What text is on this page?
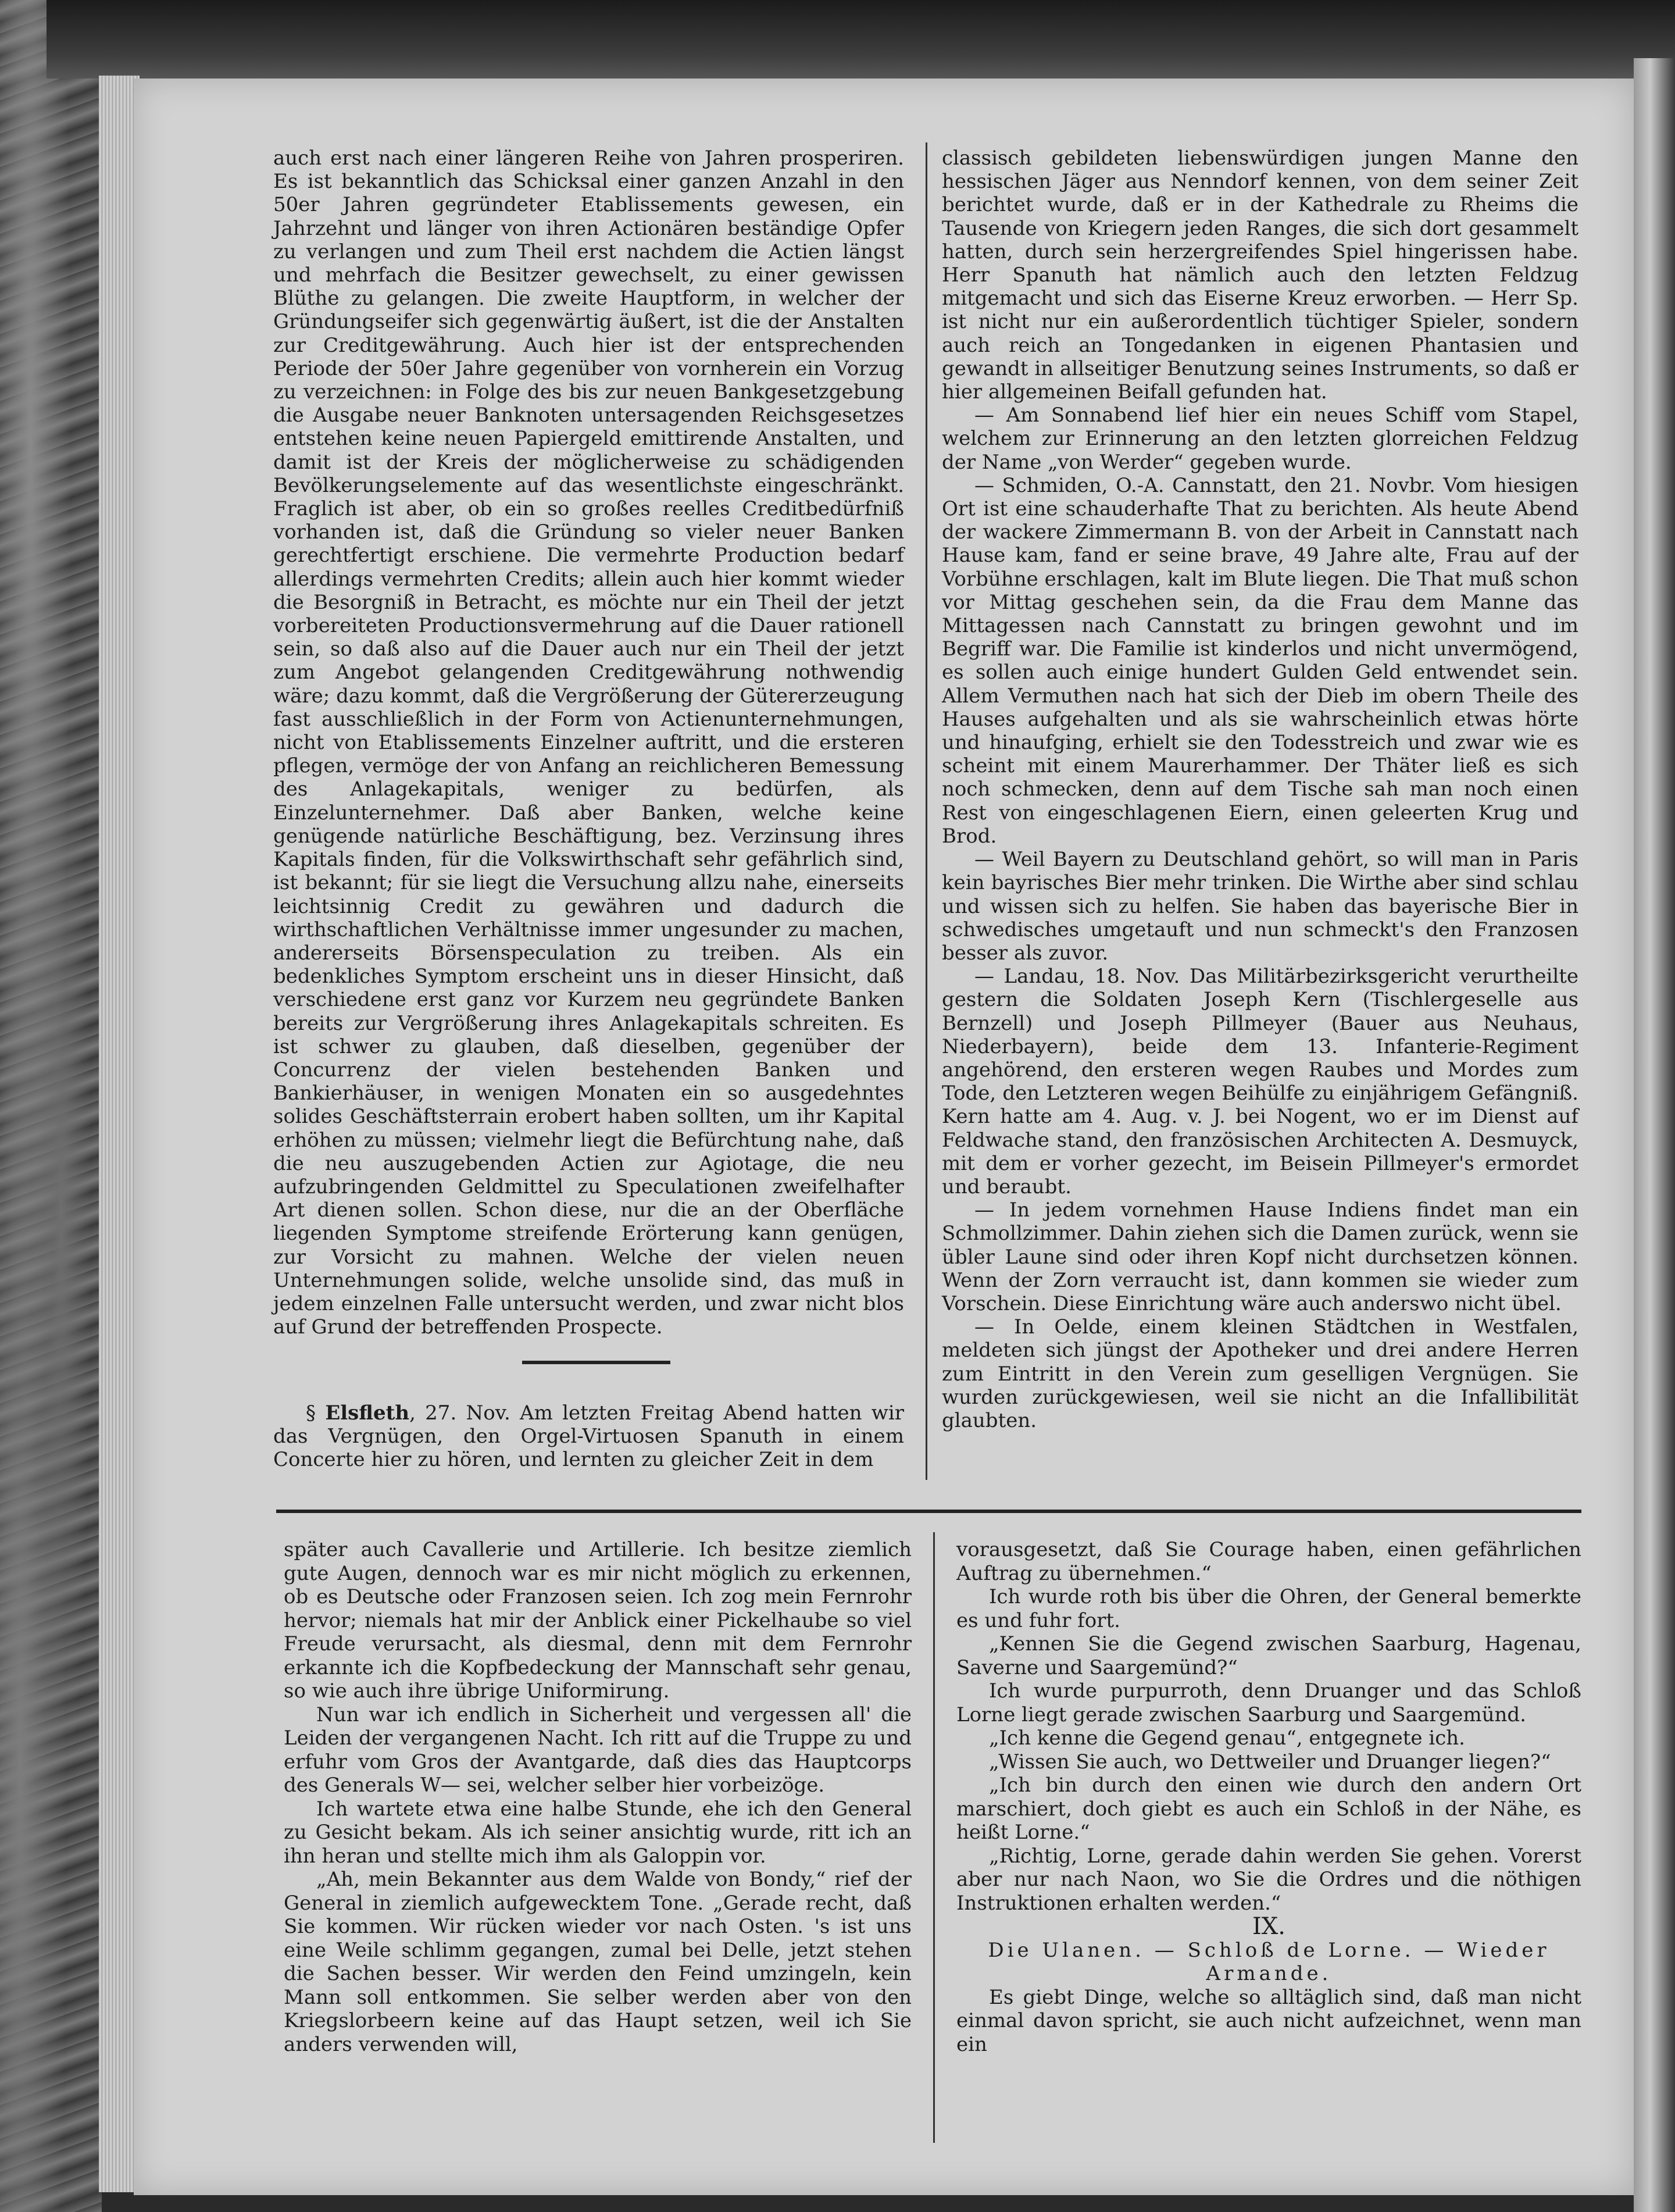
auch erst nach einer längeren Reihe von Jahren prosperiren. Es ist bekanntlich das Schicksal einer ganzen Anzahl in den 50er Jahren gegründeter Etablissements gewesen, ein Jahrzehnt und länger von ihren Actionären beständige Opfer zu verlangen und zum Theil erst nachdem die Actien längst und mehrfach die Besitzer gewechselt, zu einer gewissen Blüthe zu gelangen. Die zweite Hauptform, in welcher der Gründungseifer sich gegenwärtig äußert, ist die der Anstalten zur Creditgewährung. Auch hier ist der entsprechenden Periode der 50er Jahre gegenüber von vornherein ein Vorzug zu verzeichnen: in Folge des bis zur neuen Bankgesetzgebung die Ausgabe neuer Banknoten untersagenden Reichsgesetzes entstehen keine neuen Papiergeld emittirende Anstalten, und damit ist der Kreis der möglicherweise zu schädigenden Bevölkerungselemente auf das wesentlichste eingeschränkt. Fraglich ist aber, ob ein so großes reelles Creditbedürfniß vorhanden ist, daß die Gründung so vieler neuer Banken gerechtfertigt erschiene. Die vermehrte Production bedarf allerdings vermehrten Credits; allein auch hier kommt wieder die Besorgniß in Betracht, es möchte nur ein Theil der jetzt vorbereiteten Productionsvermehrung auf die Dauer rationell sein, so daß also auf die Dauer auch nur ein Theil der jetzt zum Angebot gelangenden Creditgewährung nothwendig wäre; dazu kommt, daß die Vergrößerung der Gütererzeugung fast ausschließlich in der Form von Actienunternehmungen, nicht von Etablissements Einzelner auftritt, und die ersteren pflegen, vermöge der von Anfang an reichlicheren Bemessung des Anlagekapitals, weniger zu bedürfen, als Einzelunternehmer. Daß aber Banken, welche keine genügende natürliche Beschäftigung, bez. Verzinsung ihres Kapitals finden, für die Volkswirthschaft sehr gefährlich sind, ist bekannt; für sie liegt die Versuchung allzu nahe, einerseits leichtsinnig Credit zu gewähren und dadurch die wirthschaftlichen Verhältnisse immer ungesunder zu machen, andererseits Börsenspeculation zu treiben. Als ein bedenkliches Symptom erscheint uns in dieser Hinsicht, daß verschiedene erst ganz vor Kurzem neu gegründete Banken bereits zur Vergrößerung ihres Anlagekapitals schreiten. Es ist schwer zu glauben, daß dieselben, gegenüber der Concurrenz der vielen bestehenden Banken und Bankierhäuser, in wenigen Monaten ein so ausgedehntes solides Geschäftsterrain erobert haben sollten, um ihr Kapital erhöhen zu müssen; vielmehr liegt die Befürchtung nahe, daß die neu auszugebenden Actien zur Agiotage, die neu aufzubringenden Geldmittel zu Speculationen zweifelhafter Art dienen sollen. Schon diese, nur die an der Oberfläche liegenden Symptome streifende Erörterung kann genügen, zur Vorsicht zu mahnen. Welche der vielen neuen Unternehmungen solide, welche unsolide sind, das muß in jedem einzelnen Falle untersucht werden, und zwar nicht blos auf Grund der betreffenden Prospecte.

§ Elsfleth, 27. Nov. Am letzten Freitag Abend hatten wir das Vergnügen, den Orgel-Virtuosen Spanuth in einem Concerte hier zu hören, und lernten zu gleicher Zeit in dem

classisch gebildeten liebenswürdigen jungen Manne den hessischen Jäger aus Nenndorf kennen, von dem seiner Zeit berichtet wurde, daß er in der Kathedrale zu Rheims die Tausende von Kriegern jeden Ranges, die sich dort gesammelt hatten, durch sein herzergreifendes Spiel hingerissen habe. Herr Spanuth hat nämlich auch den letzten Feldzug mitgemacht und sich das Eiserne Kreuz erworben. — Herr Sp. ist nicht nur ein außerordentlich tüchtiger Spieler, sondern auch reich an Tongedanken in eigenen Phantasien und gewandt in allseitiger Benutzung seines Instruments, so daß er hier allgemeinen Beifall gefunden hat.

— Am Sonnabend lief hier ein neues Schiff vom Stapel, welchem zur Erinnerung an den letzten glorreichen Feldzug der Name „von Werder“ gegeben wurde.

— Schmiden, O.-A. Cannstatt, den 21. Novbr. Vom hiesigen Ort ist eine schauderhafte That zu berichten. Als heute Abend der wackere Zimmermann B. von der Arbeit in Cannstatt nach Hause kam, fand er seine brave, 49 Jahre alte, Frau auf der Vorbühne erschlagen, kalt im Blute liegen. Die That muß schon vor Mittag geschehen sein, da die Frau dem Manne das Mittagessen nach Cannstatt zu bringen gewohnt und im Begriff war. Die Familie ist kinderlos und nicht unvermögend, es sollen auch einige hundert Gulden Geld entwendet sein. Allem Vermuthen nach hat sich der Dieb im obern Theile des Hauses aufgehalten und als sie wahrscheinlich etwas hörte und hinaufging, erhielt sie den Todesstreich und zwar wie es scheint mit einem Maurerhammer. Der Thäter ließ es sich noch schmecken, denn auf dem Tische sah man noch einen Rest von eingeschlagenen Eiern, einen geleerten Krug und Brod.

— Weil Bayern zu Deutschland gehört, so will man in Paris kein bayrisches Bier mehr trinken. Die Wirthe aber sind schlau und wissen sich zu helfen. Sie haben das bayerische Bier in schwedisches umgetauft und nun schmeckt's den Franzosen besser als zuvor.

— Landau, 18. Nov. Das Militärbezirksgericht verurtheilte gestern die Soldaten Joseph Kern (Tischlergeselle aus Bernzell) und Joseph Pillmeyer (Bauer aus Neuhaus, Niederbayern), beide dem 13. Infanterie-Regiment angehörend, den ersteren wegen Raubes und Mordes zum Tode, den Letzteren wegen Beihülfe zu einjährigem Gefängniß. Kern hatte am 4. Aug. v. J. bei Nogent, wo er im Dienst auf Feldwache stand, den französischen Architecten A. Desmuyck, mit dem er vorher gezecht, im Beisein Pillmeyer's ermordet und beraubt.

— In jedem vornehmen Hause Indiens findet man ein Schmollzimmer. Dahin ziehen sich die Damen zurück, wenn sie übler Laune sind oder ihren Kopf nicht durchsetzen können. Wenn der Zorn verraucht ist, dann kommen sie wieder zum Vorschein. Diese Einrichtung wäre auch anderswo nicht übel.

— In Oelde, einem kleinen Städtchen in Westfalen, meldeten sich jüngst der Apotheker und drei andere Herren zum Eintritt in den Verein zum geselligen Vergnügen. Sie wurden zurückgewiesen, weil sie nicht an die Infallibilität glaubten.

später auch Cavallerie und Artillerie. Ich besitze ziemlich gute Augen, dennoch war es mir nicht möglich zu erkennen, ob es Deutsche oder Franzosen seien. Ich zog mein Fernrohr hervor; niemals hat mir der Anblick einer Pickelhaube so viel Freude verursacht, als diesmal, denn mit dem Fernrohr erkannte ich die Kopfbedeckung der Mannschaft sehr genau, so wie auch ihre übrige Uniformirung.

Nun war ich endlich in Sicherheit und vergessen all' die Leiden der vergangenen Nacht. Ich ritt auf die Truppe zu und erfuhr vom Gros der Avantgarde, daß dies das Hauptcorps des Generals W— sei, welcher selber hier vorbeizöge.

Ich wartete etwa eine halbe Stunde, ehe ich den General zu Gesicht bekam. Als ich seiner ansichtig wurde, ritt ich an ihn heran und stellte mich ihm als Galoppin vor.

„Ah, mein Bekannter aus dem Walde von Bondy,“ rief der General in ziemlich aufgewecktem Tone. „Gerade recht, daß Sie kommen. Wir rücken wieder vor nach Osten. 's ist uns eine Weile schlimm gegangen, zumal bei Delle, jetzt stehen die Sachen besser. Wir werden den Feind umzingeln, kein Mann soll entkommen. Sie selber werden aber von den Kriegslorbeern keine auf das Haupt setzen, weil ich Sie anders verwenden will,

vorausgesetzt, daß Sie Courage haben, einen gefährlichen Auftrag zu übernehmen.“

Ich wurde roth bis über die Ohren, der General bemerkte es und fuhr fort.

„Kennen Sie die Gegend zwischen Saarburg, Hagenau, Saverne und Saargemünd?“

Ich wurde purpurroth, denn Druanger und das Schloß Lorne liegt gerade zwischen Saarburg und Saargemünd.

„Ich kenne die Gegend genau“, entgegnete ich.

„Wissen Sie auch, wo Dettweiler und Druanger liegen?“

„Ich bin durch den einen wie durch den andern Ort marschiert, doch giebt es auch ein Schloß in der Nähe, es heißt Lorne.“

„Richtig, Lorne, gerade dahin werden Sie gehen. Vorerst aber nur nach Naon, wo Sie die Ordres und die nöthigen Instruktionen erhalten werden.“

IX.

Die Ulanen. — Schloß de Lorne. — Wieder Armande.

Es giebt Dinge, welche so alltäglich sind, daß man nicht einmal davon spricht, sie auch nicht aufzeichnet, wenn man ein
